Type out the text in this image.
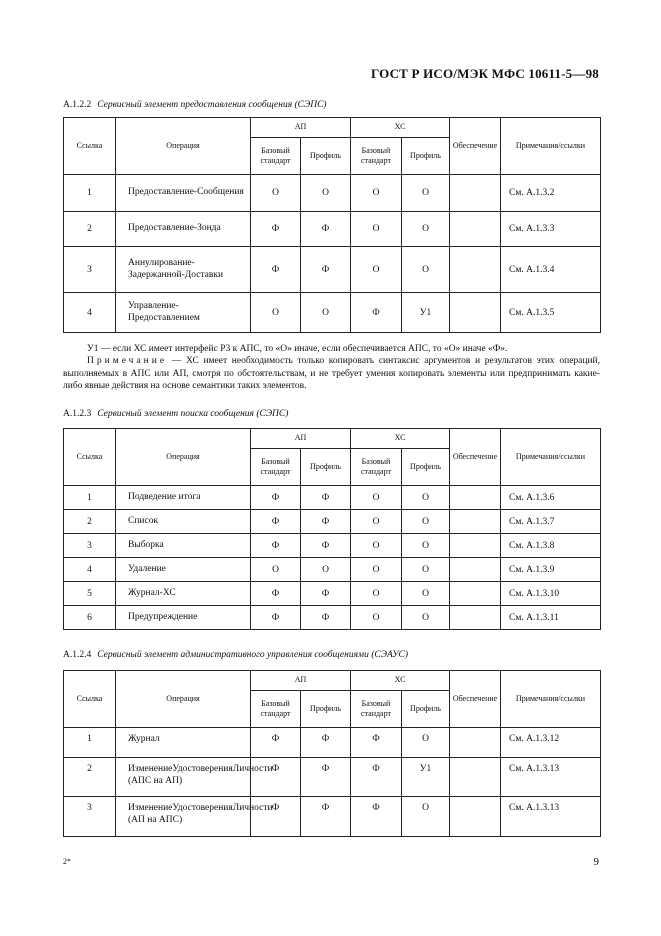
ГОСТ Р ИСО/МЭК МФС 10611-5—98
А.1.2.2 Сервисный элемент предоставления сообщения (СЭПС)
Ссылка	Операция	АП		ХС		Обеспечение	Примечания/ссылки
		Базовый стандарт	Профиль	Базовый стандарт	Профиль		
1	Предоставление-Сообщения	О	О	О	О		См. А.1.3.2
2	Предоставление-Зонда	Ф	Ф	О	О		См. А.1.3.3
3	Аннулирование-Задержанной-Доставки	Ф	Ф	О	О		См. А.1.3.4
4	Управление-Предоставлением	О	О	Ф	У1		См. А.1.3.5

У1 — если ХС имеет интерфейс P3 к АПС, то «О» иначе, если обеспечивается АПС, то «О» иначе «Ф».

Примечание — ХС имеет необходимость только копировать синтаксис аргументов и результатов этих операций, выполняемых в АПС или АП, смотря по обстоятельствам, и не требует умения копировать элементы или предпринимать какие-либо явные действия на основе семантики таких элементов.

А.1.2.3 Сервисный элемент поиска сообщения (СЭПС)
Ссылка	Операция	АП		ХС		Обеспечение	Примечания/ссылки
		Базовый стандарт	Профиль	Базовый стандарт	Профиль		
1	Подведение итога	Ф	Ф	О	О		См. А.1.3.6
2	Список	Ф	Ф	О	О		См. А.1.3.7
3	Выборка	Ф	Ф	О	О		См. А.1.3.8
4	Удаление	О	О	О	О		См. А.1.3.9
5	Журнал-ХС	Ф	Ф	О	О		См. А.1.3.10
6	Предупреждение	Ф	Ф	О	О		См. А.1.3.11
А.1.2.4 Сервисный элемент административного управления сообщениями (СЭАУС)
Ссылка	Операция	АП		ХС		Обеспечение	Примечания/ссылки
		Базовый стандарт	Профиль	Базовый стандарт	Профиль		
1	Журнал	Ф	Ф	Ф	О		См. А.1.3.12
2	ИзменениеУдостоверенияЛичности (АПС на АП)	Ф	Ф	Ф	У1		См. А.1.3.13
3	ИзменениеУдостоверенияЛичности (АП на АПС)	Ф	Ф	Ф	О		См. А.1.3.13
2*	9
